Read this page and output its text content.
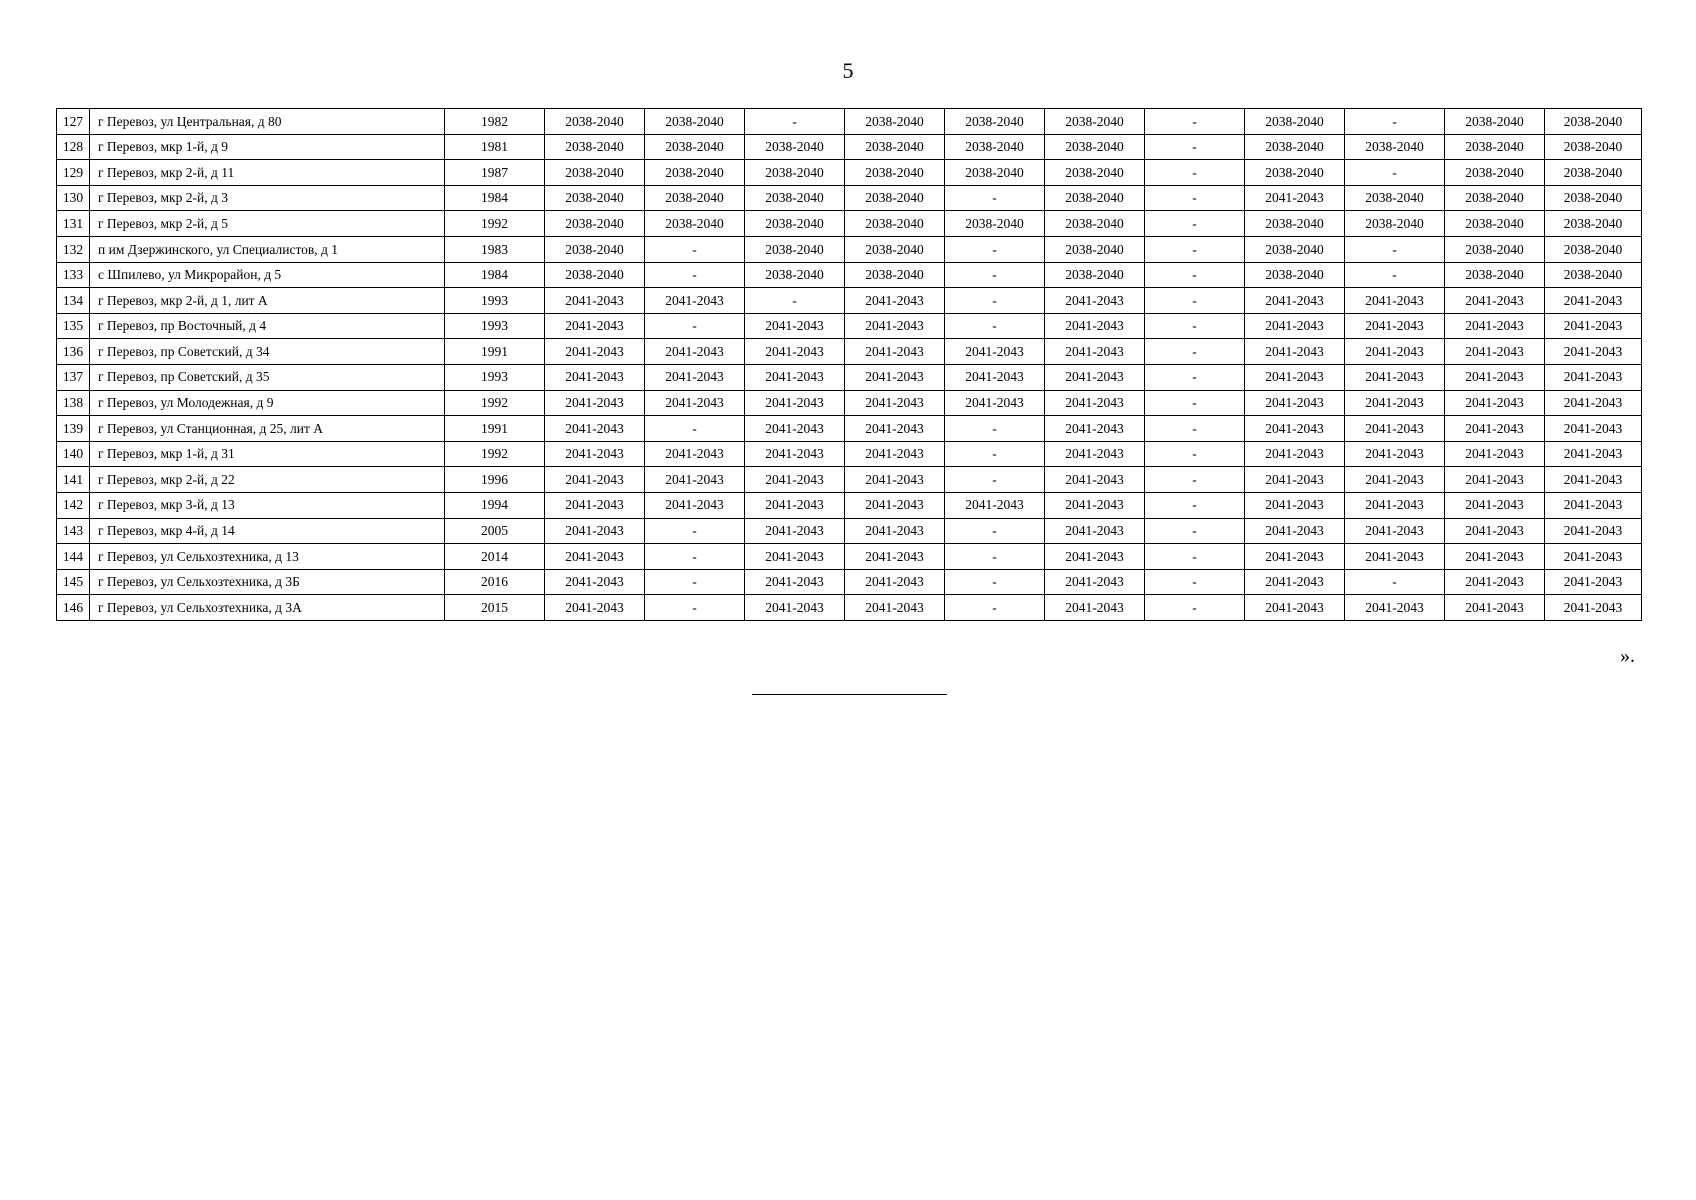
5
127	г Перевоз, ул Центральная, д 80	1982	2038-2040	2038-2040	-	2038-2040	2038-2040	2038-2040	-	2038-2040	-	2038-2040	2038-2040
128	г Перевоз, мкр 1-й, д 9	1981	2038-2040	2038-2040	2038-2040	2038-2040	2038-2040	2038-2040	-	2038-2040	2038-2040	2038-2040	2038-2040
129	г Перевоз, мкр 2-й, д 11	1987	2038-2040	2038-2040	2038-2040	2038-2040	2038-2040	2038-2040	-	2038-2040	-	2038-2040	2038-2040
130	г Перевоз, мкр 2-й, д 3	1984	2038-2040	2038-2040	2038-2040	2038-2040	-	2038-2040	-	2041-2043	2038-2040	2038-2040	2038-2040
131	г Перевоз, мкр 2-й, д 5	1992	2038-2040	2038-2040	2038-2040	2038-2040	2038-2040	2038-2040	-	2038-2040	2038-2040	2038-2040	2038-2040
132	п им Дзержинского, ул Специалистов, д 1	1983	2038-2040	-	2038-2040	2038-2040	-	2038-2040	-	2038-2040	-	2038-2040	2038-2040
133	с Шпилево, ул Микрорайон, д 5	1984	2038-2040	-	2038-2040	2038-2040	-	2038-2040	-	2038-2040	-	2038-2040	2038-2040
134	г Перевоз, мкр 2-й, д 1, лит А	1993	2041-2043	2041-2043	-	2041-2043	-	2041-2043	-	2041-2043	2041-2043	2041-2043	2041-2043
135	г Перевоз, пр Восточный, д 4	1993	2041-2043	-	2041-2043	2041-2043	-	2041-2043	-	2041-2043	2041-2043	2041-2043	2041-2043
136	г Перевоз, пр Советский, д 34	1991	2041-2043	2041-2043	2041-2043	2041-2043	2041-2043	2041-2043	-	2041-2043	2041-2043	2041-2043	2041-2043
137	г Перевоз, пр Советский, д 35	1993	2041-2043	2041-2043	2041-2043	2041-2043	2041-2043	2041-2043	-	2041-2043	2041-2043	2041-2043	2041-2043
138	г Перевоз, ул Молодежная, д 9	1992	2041-2043	2041-2043	2041-2043	2041-2043	2041-2043	2041-2043	-	2041-2043	2041-2043	2041-2043	2041-2043
139	г Перевоз, ул Станционная, д 25, лит А	1991	2041-2043	-	2041-2043	2041-2043	-	2041-2043	-	2041-2043	2041-2043	2041-2043	2041-2043
140	г Перевоз, мкр 1-й, д 31	1992	2041-2043	2041-2043	2041-2043	2041-2043	-	2041-2043	-	2041-2043	2041-2043	2041-2043	2041-2043
141	г Перевоз, мкр 2-й, д 22	1996	2041-2043	2041-2043	2041-2043	2041-2043	-	2041-2043	-	2041-2043	2041-2043	2041-2043	2041-2043
142	г Перевоз, мкр 3-й, д 13	1994	2041-2043	2041-2043	2041-2043	2041-2043	2041-2043	2041-2043	-	2041-2043	2041-2043	2041-2043	2041-2043
143	г Перевоз, мкр 4-й, д 14	2005	2041-2043	-	2041-2043	2041-2043	-	2041-2043	-	2041-2043	2041-2043	2041-2043	2041-2043
144	г Перевоз, ул Сельхозтехника, д 13	2014	2041-2043	-	2041-2043	2041-2043	-	2041-2043	-	2041-2043	2041-2043	2041-2043	2041-2043
145	г Перевоз, ул Сельхозтехника, д 3Б	2016	2041-2043	-	2041-2043	2041-2043	-	2041-2043	-	2041-2043	-	2041-2043	2041-2043
146	г Перевоз, ул Сельхозтехника, д 3А	2015	2041-2043	-	2041-2043	2041-2043	-	2041-2043	-	2041-2043	2041-2043	2041-2043	2041-2043
».
